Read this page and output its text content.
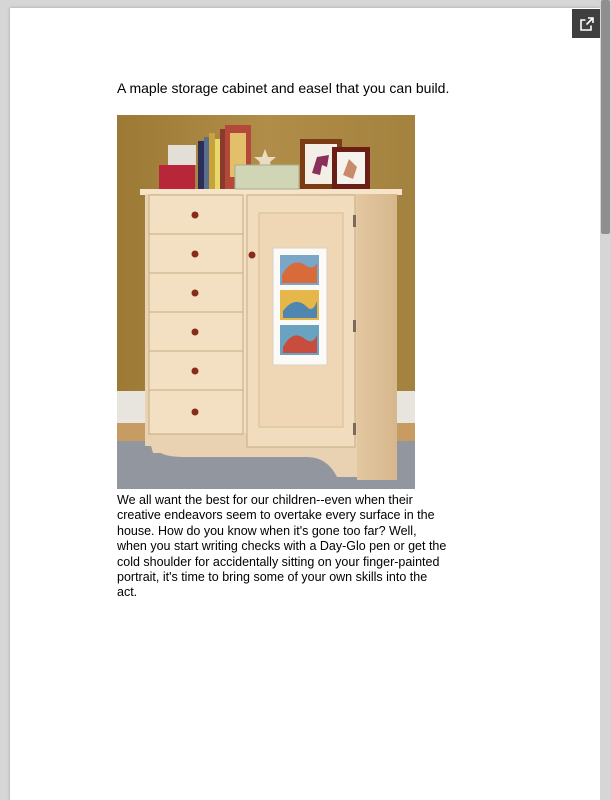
A maple storage cabinet and easel that you can build.
We all want the best for our children--even when their creative endeavors seem to overtake every surface in the house. How do you know when it's gone too far? Well, when you start writing checks with a Day-Glo pen or get the cold shoulder for accidentally sitting on your finger-painted portrait, it's time to bring some of your own skills into the act.
